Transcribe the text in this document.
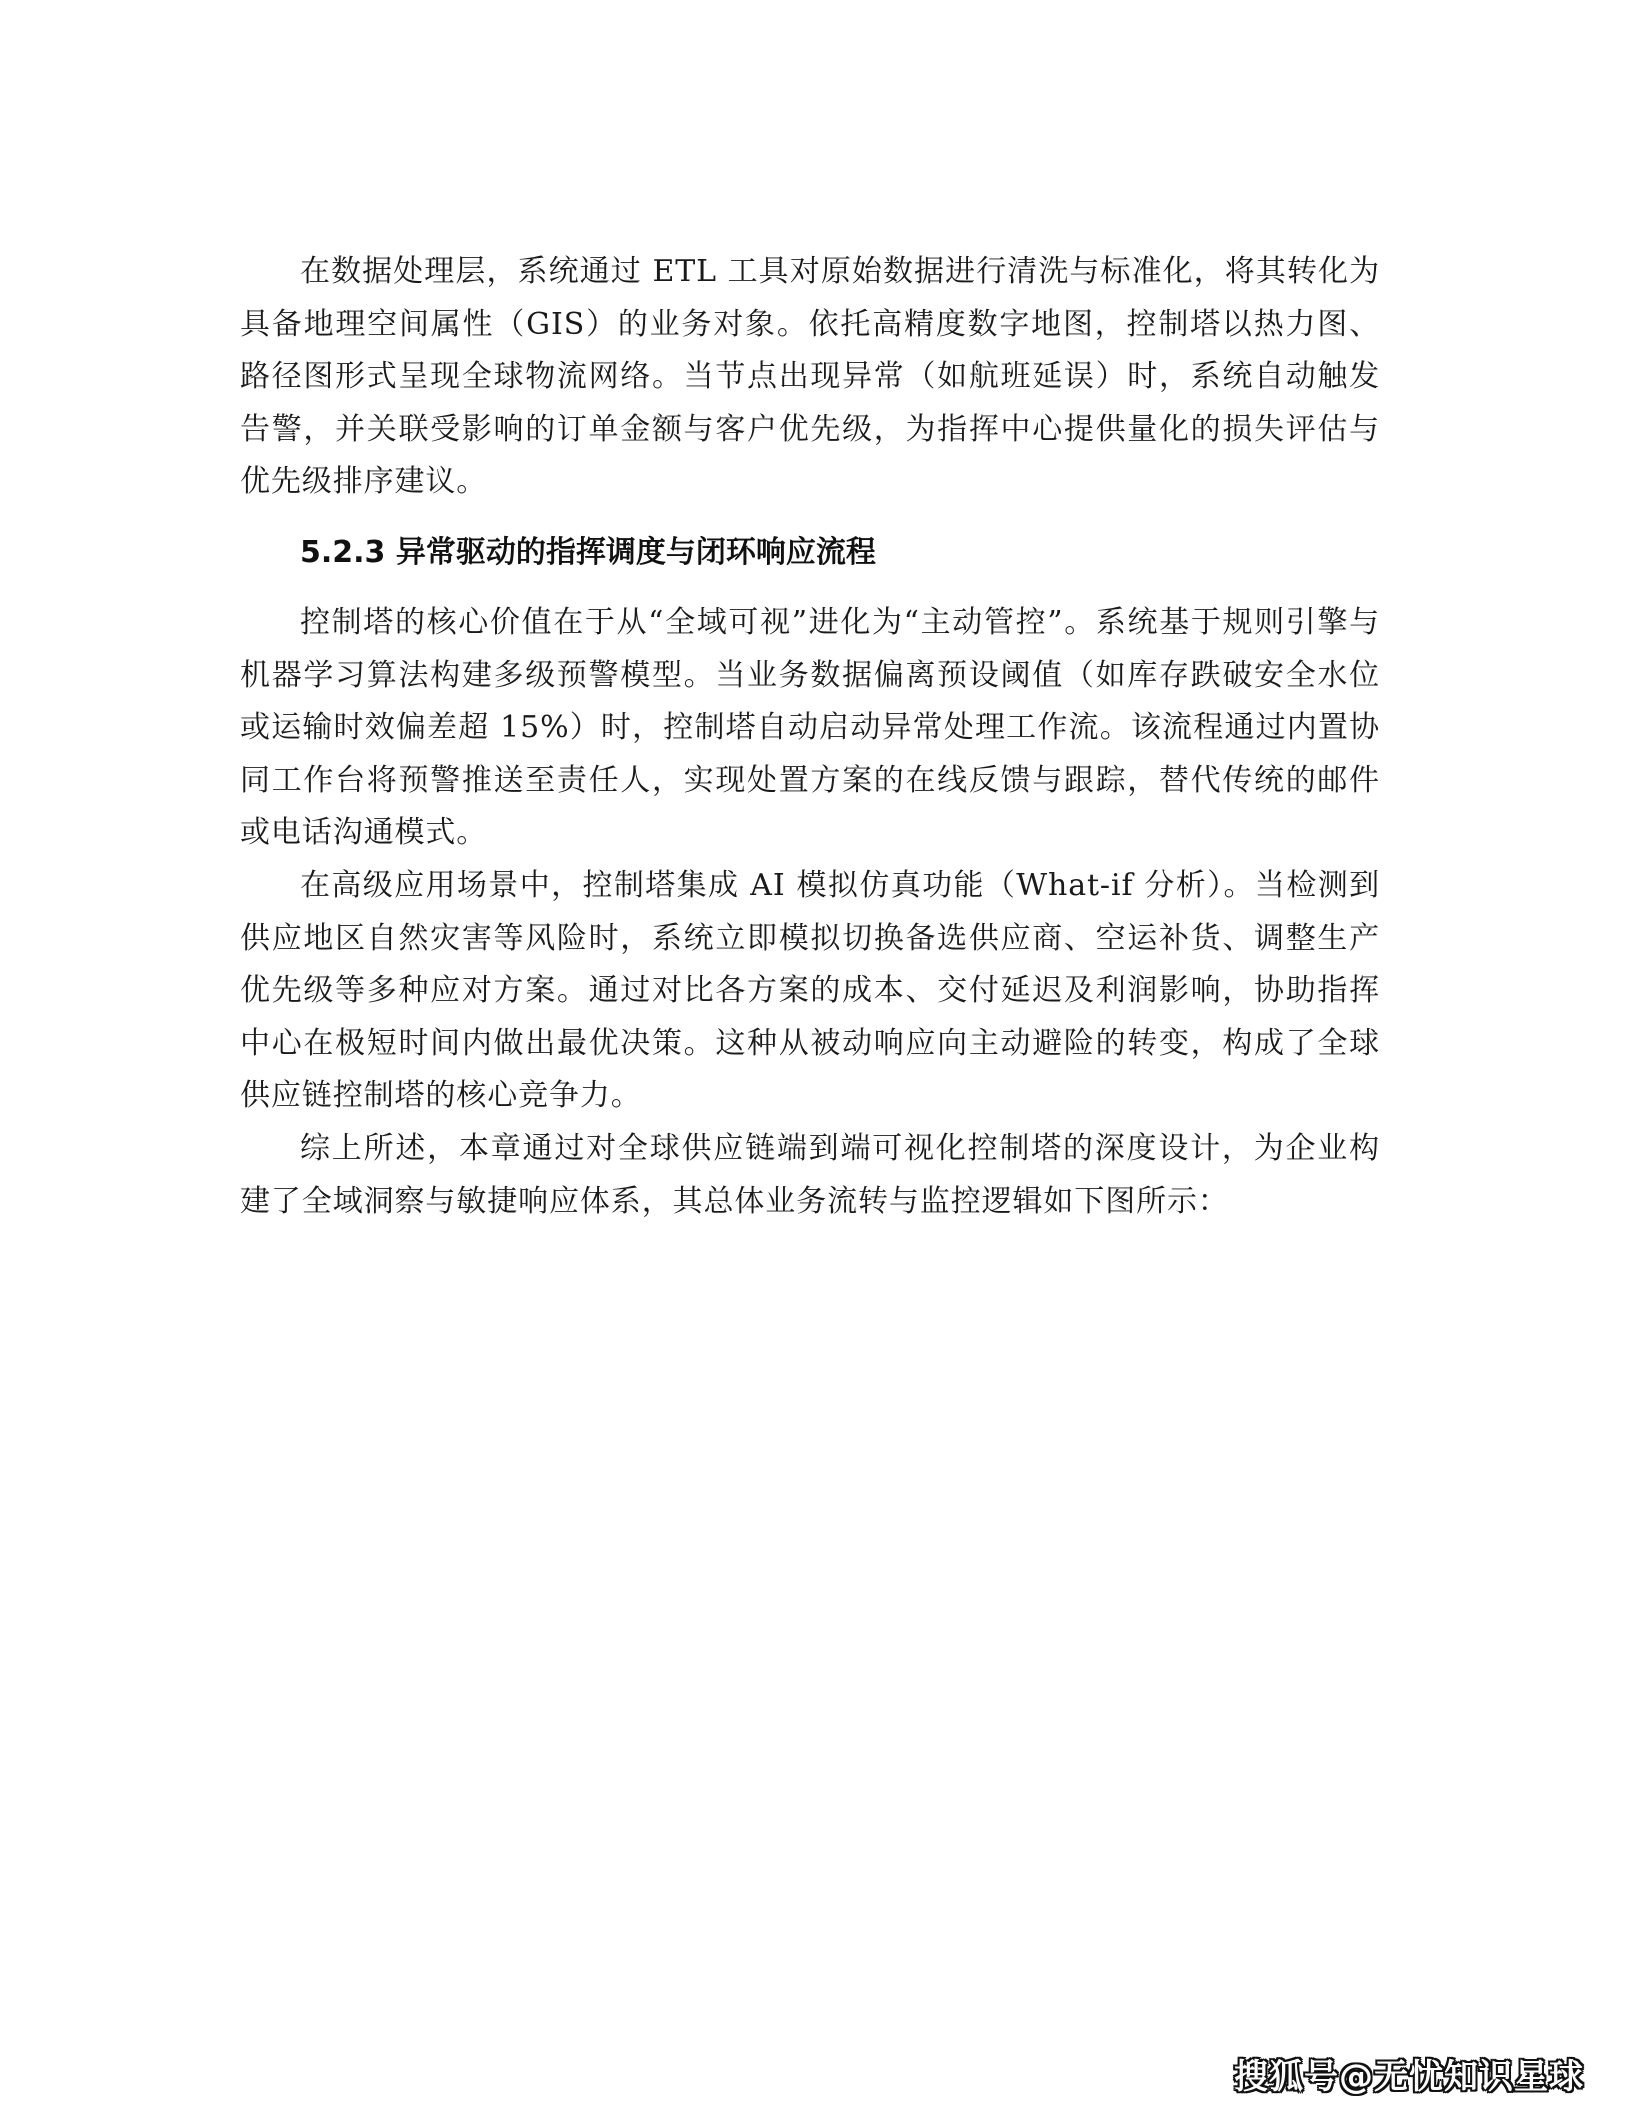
在数据处理层，系统通过 ETL 工具对原始数据进行清洗与标准化，将其转化为具备地理空间属性（GIS）的业务对象。依托高精度数字地图，控制塔以热力图、路径图形式呈现全球物流网络。当节点出现异常（如航班延误）时，系统自动触发告警，并关联受影响的订单金额与客户优先级，为指挥中心提供量化的损失评估与优先级排序建议。

5.2.3 异常驱动的指挥调度与闭环响应流程

控制塔的核心价值在于从“全域可视”进化为“主动管控”。系统基于规则引擎与机器学习算法构建多级预警模型。当业务数据偏离预设阈值（如库存跌破安全水位或运输时效偏差超 15%）时，控制塔自动启动异常处理工作流。该流程通过内置协同工作台将预警推送至责任人，实现处置方案的在线反馈与跟踪，替代传统的邮件或电话沟通模式。

在高级应用场景中，控制塔集成 AI 模拟仿真功能（What-if 分析）。当检测到供应地区自然灾害等风险时，系统立即模拟切换备选供应商、空运补货、调整生产优先级等多种应对方案。通过对比各方案的成本、交付延迟及利润影响，协助指挥中心在极短时间内做出最优决策。这种从被动响应向主动避险的转变，构成了全球供应链控制塔的核心竞争力。

综上所述，本章通过对全球供应链端到端可视化控制塔的深度设计，为企业构建了全域洞察与敏捷响应体系，其总体业务流转与监控逻辑如下图所示：

搜狐号@无忧知识星球
